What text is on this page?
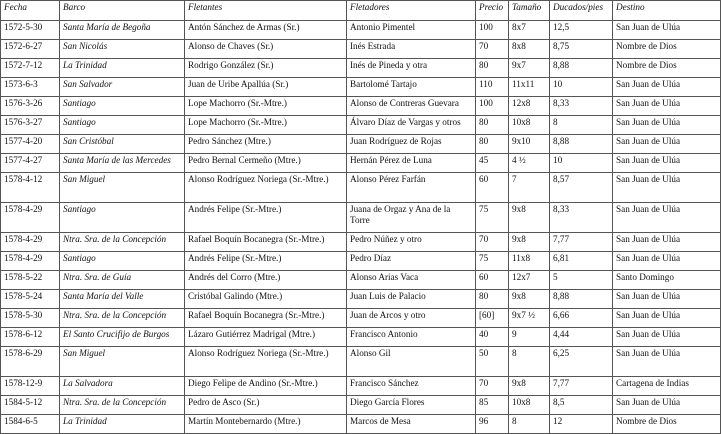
Fecha	Barco	Fletantes	Fletadores	Precio	Tamaño	Ducados/pies	Destino
1572-5-30	Santa María de Begoña	Antón Sánchez de Armas (Sr.)	Antonio Pimentel	100	8x7	12,5	San Juan de Ulúa
1572-6-27	San Nicolás	Alonso de Chaves (Sr.)	Inés Estrada	70	8x8	8,75	Nombre de Dios
1572-7-12	La Trinidad	Rodrigo González (Sr.)	Inés de Pineda y otra	80	9x7	8,88	Nombre de Dios
1573-6-3	San Salvador	Juan de Uribe Apallúa (Sr.)	Bartolomé Tartajo	110	11x11	10	San Juan de Ulúa
1576-3-26	Santiago	Lope Machorro (Sr.-Mtre.)	Alonso de Contreras Guevara	100	12x8	8,33	San Juan de Ulúa
1576-3-27	Santiago	Lope Machorro (Sr.-Mtre.)	Álvaro Díaz de Vargas y otros	80	10x8	8	San Juan de Ulúa
1577-4-20	San Cristóbal	Pedro Sánchez (Mtre.)	Juan Rodríguez de Rojas	80	9x10	8,88	San Juan de Ulúa
1577-4-27	Santa María de las Mercedes	Pedro Bernal Cermeño (Mtre.)	Hernán Pérez de Luna	45	4 ½	10	San Juan de Ulúa
1578-4-12	San Miguel	Alonso Rodríguez Noriega (Sr.-Mtre.)	Alonso Pérez Farfán	60	7	8,57	San Juan de Ulúa
1578-4-29	Santiago	Andrés Felipe (Sr.-Mtre.)	Juana de Orgaz y Ana de la Torre	75	9x8	8,33	San Juan de Ulúa
1578-4-29	Ntra. Sra. de la Concepción	Rafael Boquín Bocanegra (Sr.-Mtre.)	Pedro Núñez y otro	70	9x8	7,77	San Juan de Ulúa
1578-4-29	Santiago	Andrés Felipe (Sr.-Mtre.)	Pedro Díaz	75	11x8	6,81	San Juan de Ulúa
1578-5-22	Ntra. Sra. de Guía	Andrés del Corro (Mtre.)	Alonso Arias Vaca	60	12x7	5	Santo Domingo
1578-5-24	Santa María del Valle	Cristóbal Galindo (Mtre.)	Juan Luis de Palacio	80	9x8	8,88	San Juan de Ulúa
1578-5-30	Ntra. Sra. de la Concepción	Rafael Boquín Bocanegra (Sr.-Mtre.)	Juan de Arcos y otro	[60]	9x7 ½	6,66	San Juan de Ulúa
1578-6-12	El Santo Crucifijo de Burgos	Lázaro Gutiérrez Madrigal (Mtre.)	Francisco Antonio	40	9	4,44	San Juan de Ulúa
1578-6-29	San Miguel	Alonso Rodríguez Noriega (Sr.-Mtre.)	Alonso Gil	50	8	6,25	San Juan de Ulúa
1578-12-9	La Salvadora	Diego Felipe de Andino (Sr.-Mtre.)	Francisco Sánchez	70	9x8	7,77	Cartagena de Indias
1584-5-12	Ntra. Sra. de la Concepción	Pedro de Asco (Sr.)	Diego García Flores	85	10x8	8,5	San Juan de Ulúa
1584-6-5	La Trinidad	Martín Montebernardo (Mtre.)	Marcos de Mesa	96	8	12	Nombre de Dios
